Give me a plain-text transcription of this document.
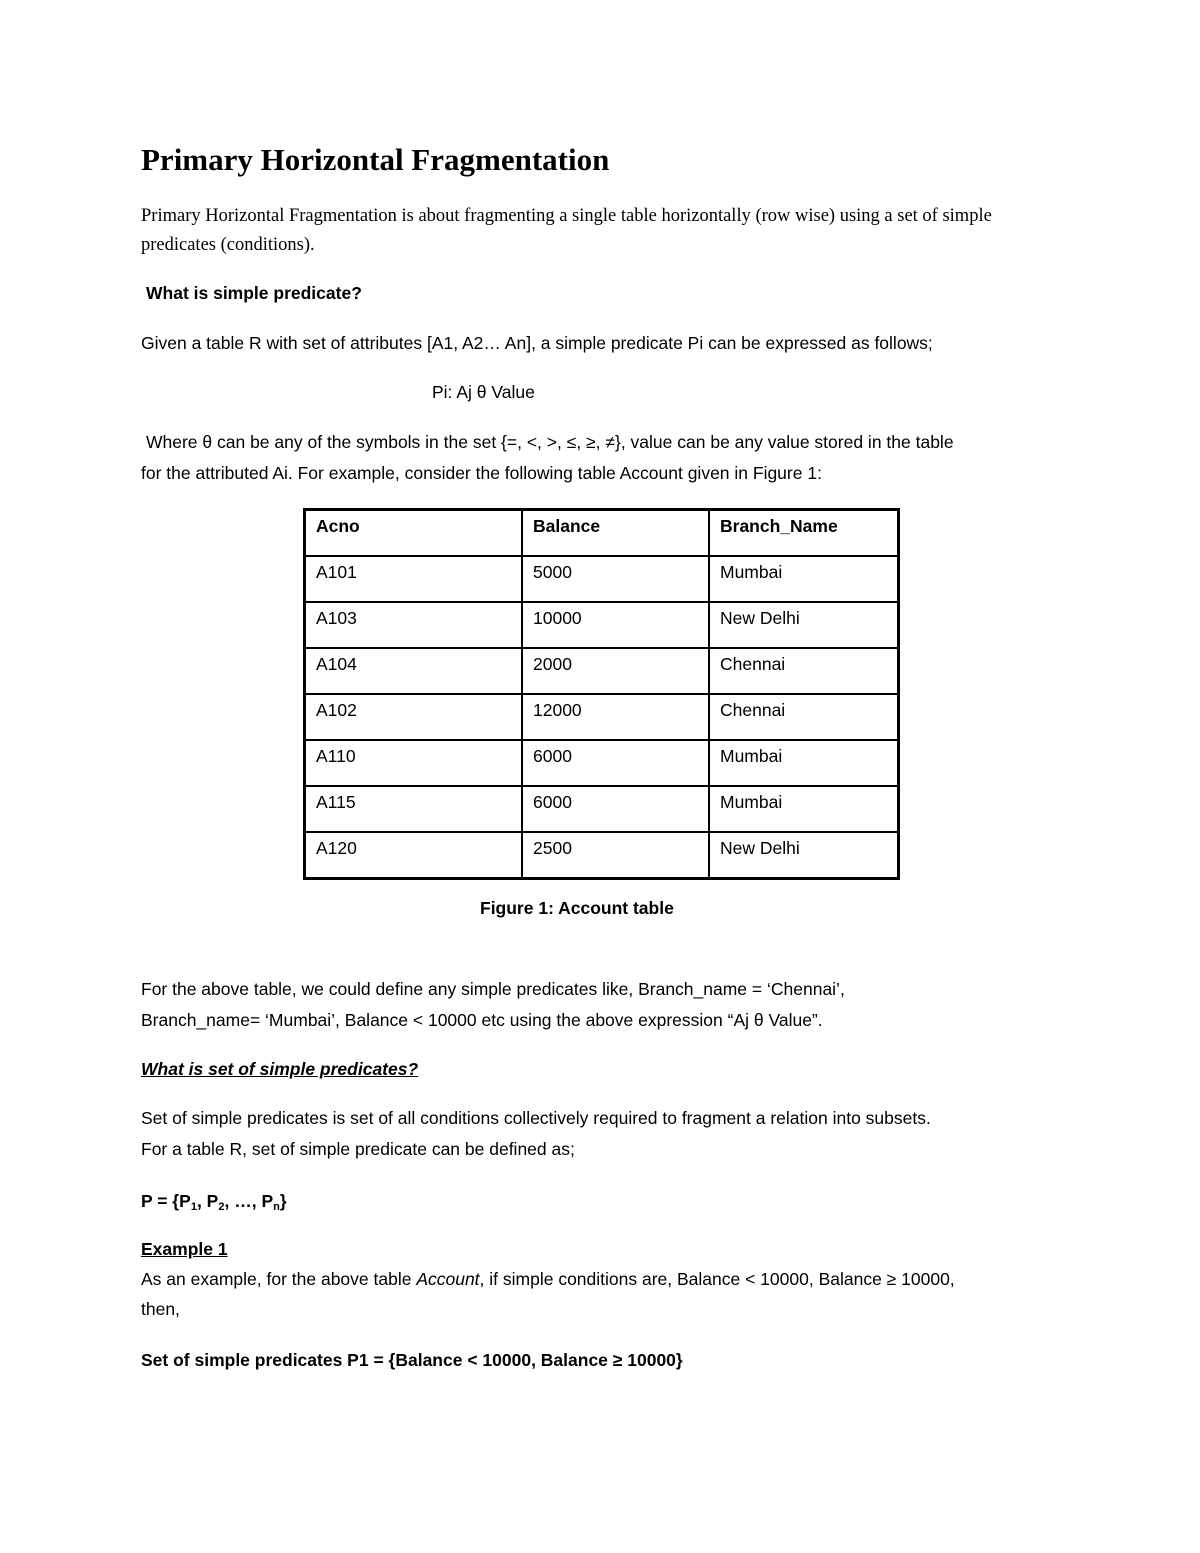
Primary Horizontal Fragmentation
Primary Horizontal Fragmentation is about fragmenting a single table horizontally (row wise) using a set of simple predicates (conditions).
What is simple predicate?
Given a table R with set of attributes [A1, A2… An], a simple predicate Pi can be expressed as follows;
Pi: Aj θ Value
Where θ can be any of the symbols in the set {=, <, >, ≤, ≥, ≠}, value can be any value stored in the table
for the attributed Ai. For example, consider the following table Account given in Figure 1:
Acno	Balance	Branch_Name
A101	5000	Mumbai
A103	10000	New Delhi
A104	2000	Chennai
A102	12000	Chennai
A110	6000	Mumbai
A115	6000	Mumbai
A120	2500	New Delhi
Figure 1: Account table
For the above table, we could define any simple predicates like, Branch_name = ‘Chennai’,
Branch_name= ‘Mumbai’, Balance < 10000 etc using the above expression “Aj θ Value”.
What is set of simple predicates?
Set of simple predicates is set of all conditions collectively required to fragment a relation into subsets.
For a table R, set of simple predicate can be defined as;
$P = \{P_1$, $P_2$, …, $P_n$}
Example 1
As an example, for the above table Account, if simple conditions are, Balance < 10000, Balance ≥ 10000,
then,
Set of simple predicates P1 = {Balance < 10000, Balance ≥ 10000}
